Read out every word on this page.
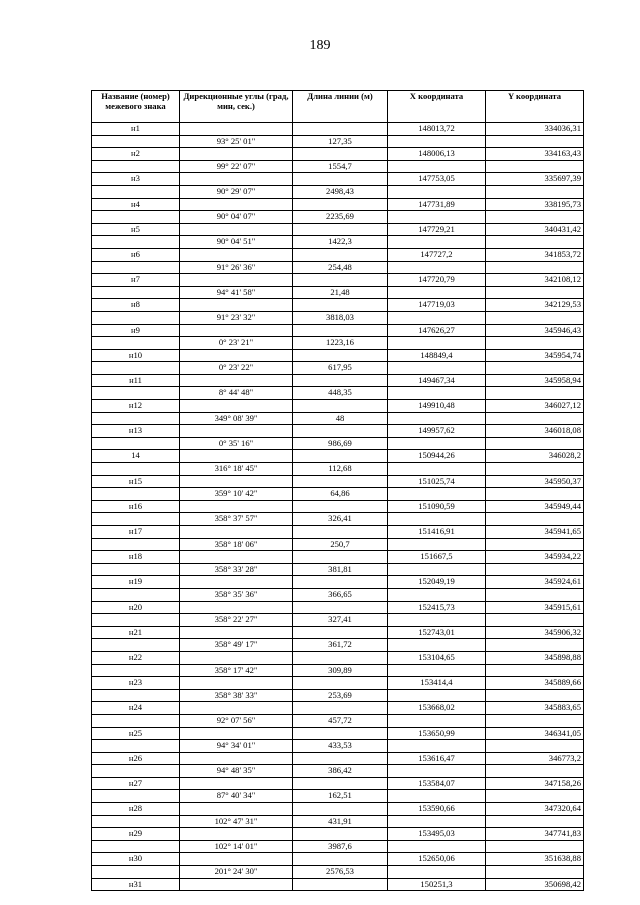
189
Название (номер) межевого знака	Дирекционные углы (град, мин, сек.)	Длина линии (м)	X координата	Y координата
н1			148013,72	334036,31
	93° 25' 01"	127,35		
н2			148006,13	334163,43
	99° 22' 07"	1554,7		
н3			147753,05	335697,39
	90° 29' 07"	2498,43		
н4			147731,89	338195,73
	90° 04' 07"	2235,69		
н5			147729,21	340431,42
	90° 04' 51"	1422,3		
н6			147727,2	341853,72
	91° 26' 36"	254,48		
н7			147720,79	342108,12
	94° 41' 58"	21,48		
н8			147719,03	342129,53
	91° 23' 32"	3818,03		
н9			147626,27	345946,43
	0° 23' 21"	1223,16		
н10			148849,4	345954,74
	0° 23' 22"	617,95		
н11			149467,34	345958,94
	8° 44' 48"	448,35		
н12			149910,48	346027,12
	349° 08' 39"	48		
н13			149957,62	346018,08
	0° 35' 16"	986,69		
14			150944,26	346028,2
	316° 18' 45"	112,68		
н15			151025,74	345950,37
	359° 10' 42"	64,86		
н16			151090,59	345949,44
	358° 37' 57"	326,41		
н17			151416,91	345941,65
	358° 18' 06"	250,7		
н18			151667,5	345934,22
	358° 33' 28"	381,81		
н19			152049,19	345924,61
	358° 35' 36"	366,65		
н20			152415,73	345915,61
	358° 22' 27"	327,41		
н21			152743,01	345906,32
	358° 49' 17"	361,72		
н22			153104,65	345898,88
	358° 17' 42"	309,89		
н23			153414,4	345889,66
	358° 38' 33"	253,69		
н24			153668,02	345883,65
	92° 07' 56"	457,72		
н25			153650,99	346341,05
	94° 34' 01"	433,53		
н26			153616,47	346773,2
	94° 48' 35"	386,42		
н27			153584,07	347158,26
	87° 40' 34"	162,51		
н28			153590,66	347320,64
	102° 47' 31"	431,91		
н29			153495,03	347741,83
	102° 14' 01"	3987,6		
н30			152650,06	351638,88
	201° 24' 30"	2576,53		
н31			150251,3	350698,42
